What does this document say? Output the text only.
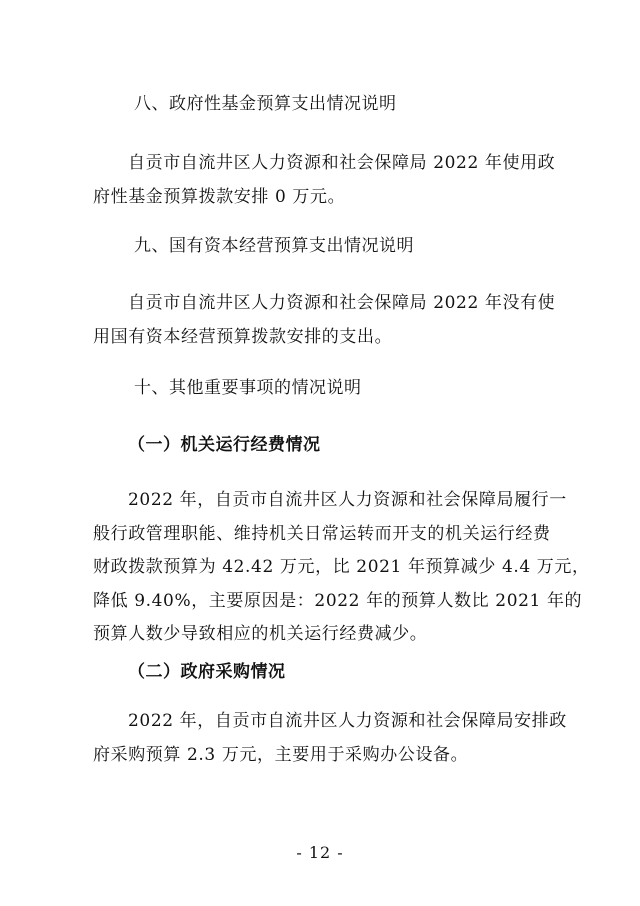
八、政府性基金预算支出情况说明

自贡市自流井区人力资源和社会保障局 2022 年使用政

府性基金预算拨款安排 0 万元。

九、国有资本经营预算支出情况说明

自贡市自流井区人力资源和社会保障局 2022 年没有使

用国有资本经营预算拨款安排的支出。

十、其他重要事项的情况说明
（一）机关运行经费情况

2022 年，自贡市自流井区人力资源和社会保障局履行一

般行政管理职能、维持机关日常运转而开支的机关运行经费

财政拨款预算为 42.42 万元，比 2021 年预算减少 4.4 万元，

降低 9.40%，主要原因是：2022 年的预算人数比 2021 年的

预算人数少导致相应的机关运行经费减少。

（二）政府采购情况

2022 年，自贡市自流井区人力资源和社会保障局安排政

府采购预算 2.3 万元，主要用于采购办公设备。

- 12 -
